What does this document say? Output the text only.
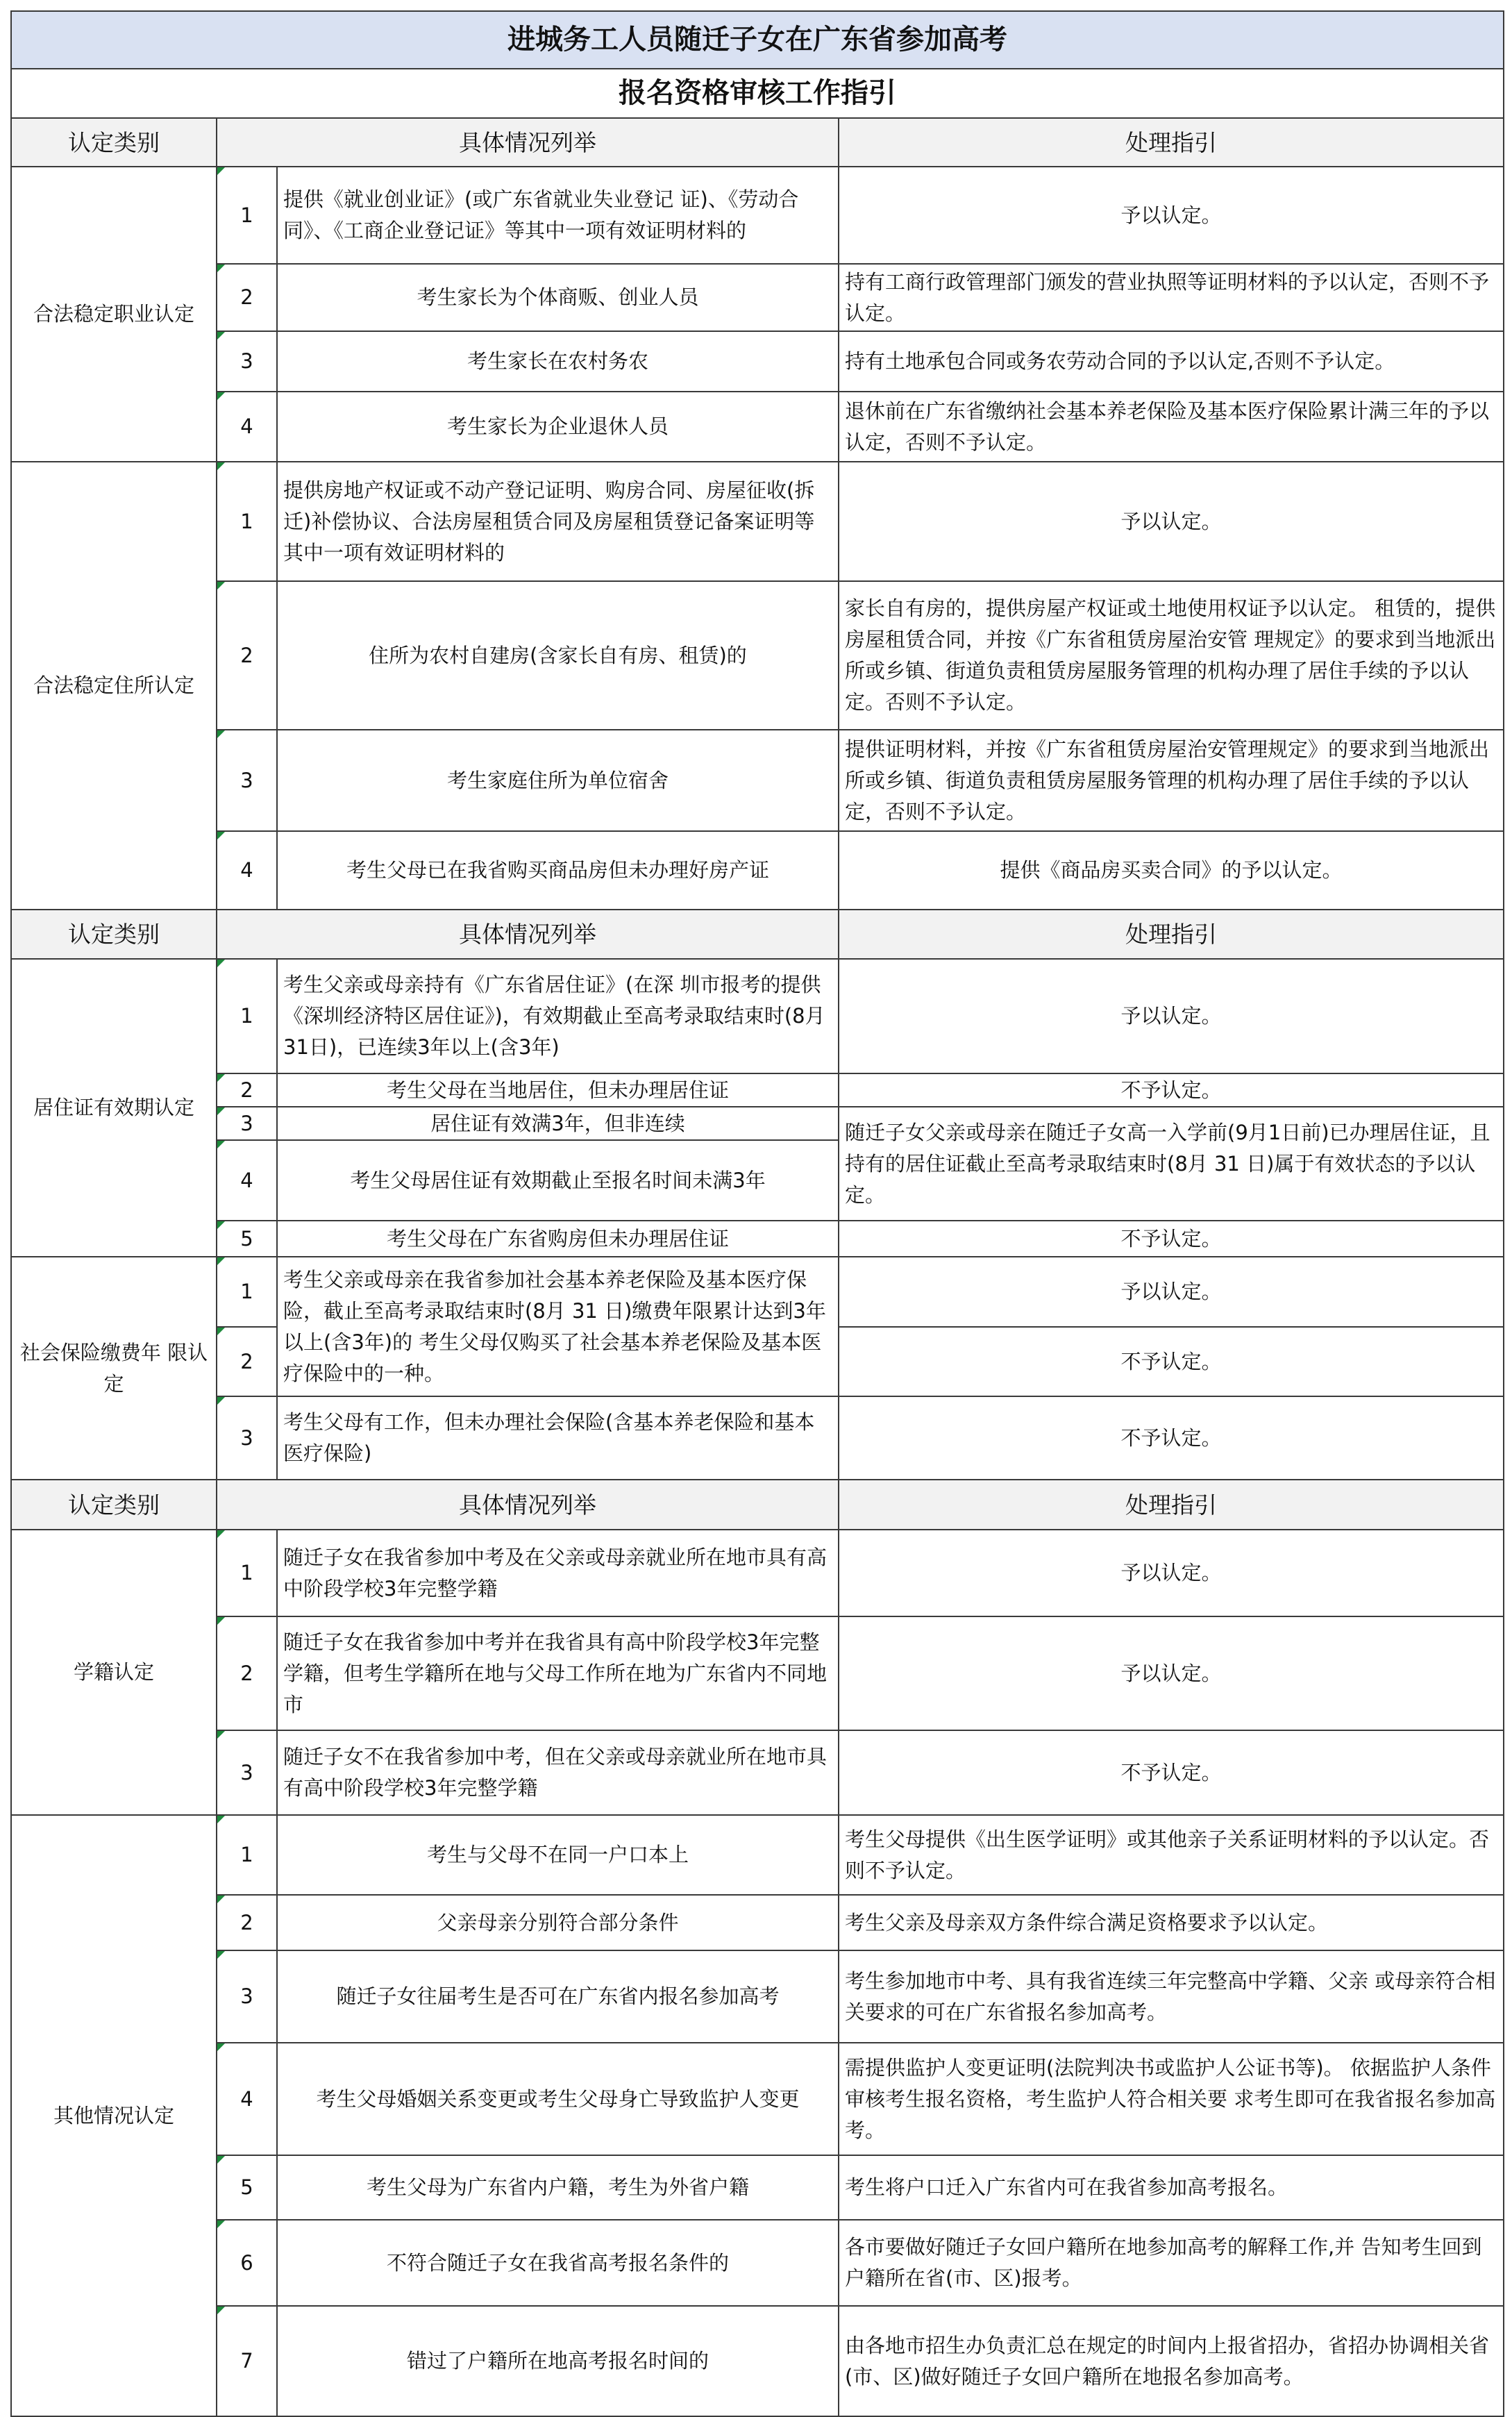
进城务工人员随迁子女在广东省参加高考			
报名资格审核工作指引			
认定类别	具体情况列举		处理指引
合法稳定职业认定	1	提供《就业创业证》(或广东省就业失业登记 证)、《劳动合同》、《工商企业登记证》等其中一项有效证明材料的	予以认定。
	2	考生家长为个体商贩、创业人员	持有工商行政管理部门颁发的营业执照等证明材料的予以认定，否则不予认定。
	3	考生家长在农村务农	持有土地承包合同或务农劳动合同的予以认定,否则不予认定。
	4	考生家长为企业退休人员	退休前在广东省缴纳社会基本养老保险及基本医疗保险累计满三年的予以认定，否则不予认定。
合法稳定住所认定	1	提供房地产权证或不动产登记证明、购房合同、房屋征收(拆迁)补偿协议、合法房屋租赁合同及房屋租赁登记备案证明等其中一项有效证明材料的	予以认定。
	2	住所为农村自建房(含家长自有房、租赁)的	家长自有房的，提供房屋产权证或土地使用权证予以认定。 租赁的，提供房屋租赁合同，并按《广东省租赁房屋治安管 理规定》的要求到当地派出所或乡镇、街道负责租赁房屋服务管理的机构办理了居住手续的予以认定。否则不予认定。
	3	考生家庭住所为单位宿舍	提供证明材料，并按《广东省租赁房屋治安管理规定》的要求到当地派出所或乡镇、街道负责租赁房屋服务管理的机构办理了居住手续的予以认定，否则不予认定。
	4	考生父母已在我省购买商品房但未办理好房产证	提供《商品房买卖合同》的予以认定。
认定类别	具体情况列举		处理指引
居住证有效期认定	1	考生父亲或母亲持有《广东省居住证》(在深 圳市报考的提供《深圳经济特区居住证》)，有效期截止至高考录取结束时(8月31日)，已连续3年以上(含3年)	予以认定。
	2	考生父母在当地居住，但未办理居住证	不予认定。
	3	居住证有效满3年，但非连续	随迁子女父亲或母亲在随迁子女高一入学前(9月1日前)已办理居住证，且持有的居住证截止至高考录取结束时(8月 31 日)属于有效状态的予以认定。
	4	考生父母居住证有效期截止至报名时间未满3年	
	5	考生父母在广东省购房但未办理居住证	不予认定。
社会保险缴费年 限认定	1	考生父亲或母亲在我省参加社会基本养老保险及基本医疗保险，截止至高考录取结束时(8月 31 日)缴费年限累计达到3年以上(含3年)的 考生父母仅购买了社会基本养老保险及基本医疗保险中的一种。	予以认定。
	2		不予认定。
	3	考生父母有工作，但未办理社会保险(含基本养老保险和基本医疗保险)	不予认定。
认定类别	具体情况列举		处理指引
学籍认定	1	随迁子女在我省参加中考及在父亲或母亲就业所在地市具有高中阶段学校3年完整学籍	予以认定。
	2	随迁子女在我省参加中考并在我省具有高中阶段学校3年完整学籍，但考生学籍所在地与父母工作所在地为广东省内不同地市	予以认定。
	3	随迁子女不在我省参加中考，但在父亲或母亲就业所在地市具有高中阶段学校3年完整学籍	不予认定。
其他情况认定	1	考生与父母不在同一户口本上	考生父母提供《出生医学证明》或其他亲子关系证明材料的予以认定。否则不予认定。
	2	父亲母亲分别符合部分条件	考生父亲及母亲双方条件综合满足资格要求予以认定。
	3	随迁子女往届考生是否可在广东省内报名参加高考	考生参加地市中考、具有我省连续三年完整高中学籍、父亲 或母亲符合相关要求的可在广东省报名参加高考。
	4	考生父母婚姻关系变更或考生父母身亡导致监护人变更	需提供监护人变更证明(法院判决书或监护人公证书等)。 依据监护人条件审核考生报名资格，考生监护人符合相关要 求考生即可在我省报名参加高考。
	5	考生父母为广东省内户籍，考生为外省户籍	考生将户口迁入广东省内可在我省参加高考报名。
	6	不符合随迁子女在我省高考报名条件的	各市要做好随迁子女回户籍所在地参加高考的解释工作,并 告知考生回到户籍所在省(市、区)报考。
	7	错过了户籍所在地高考报名时间的	由各地市招生办负责汇总在规定的时间内上报省招办，省招办协调相关省(市、区)做好随迁子女回户籍所在地报名参加高考。
